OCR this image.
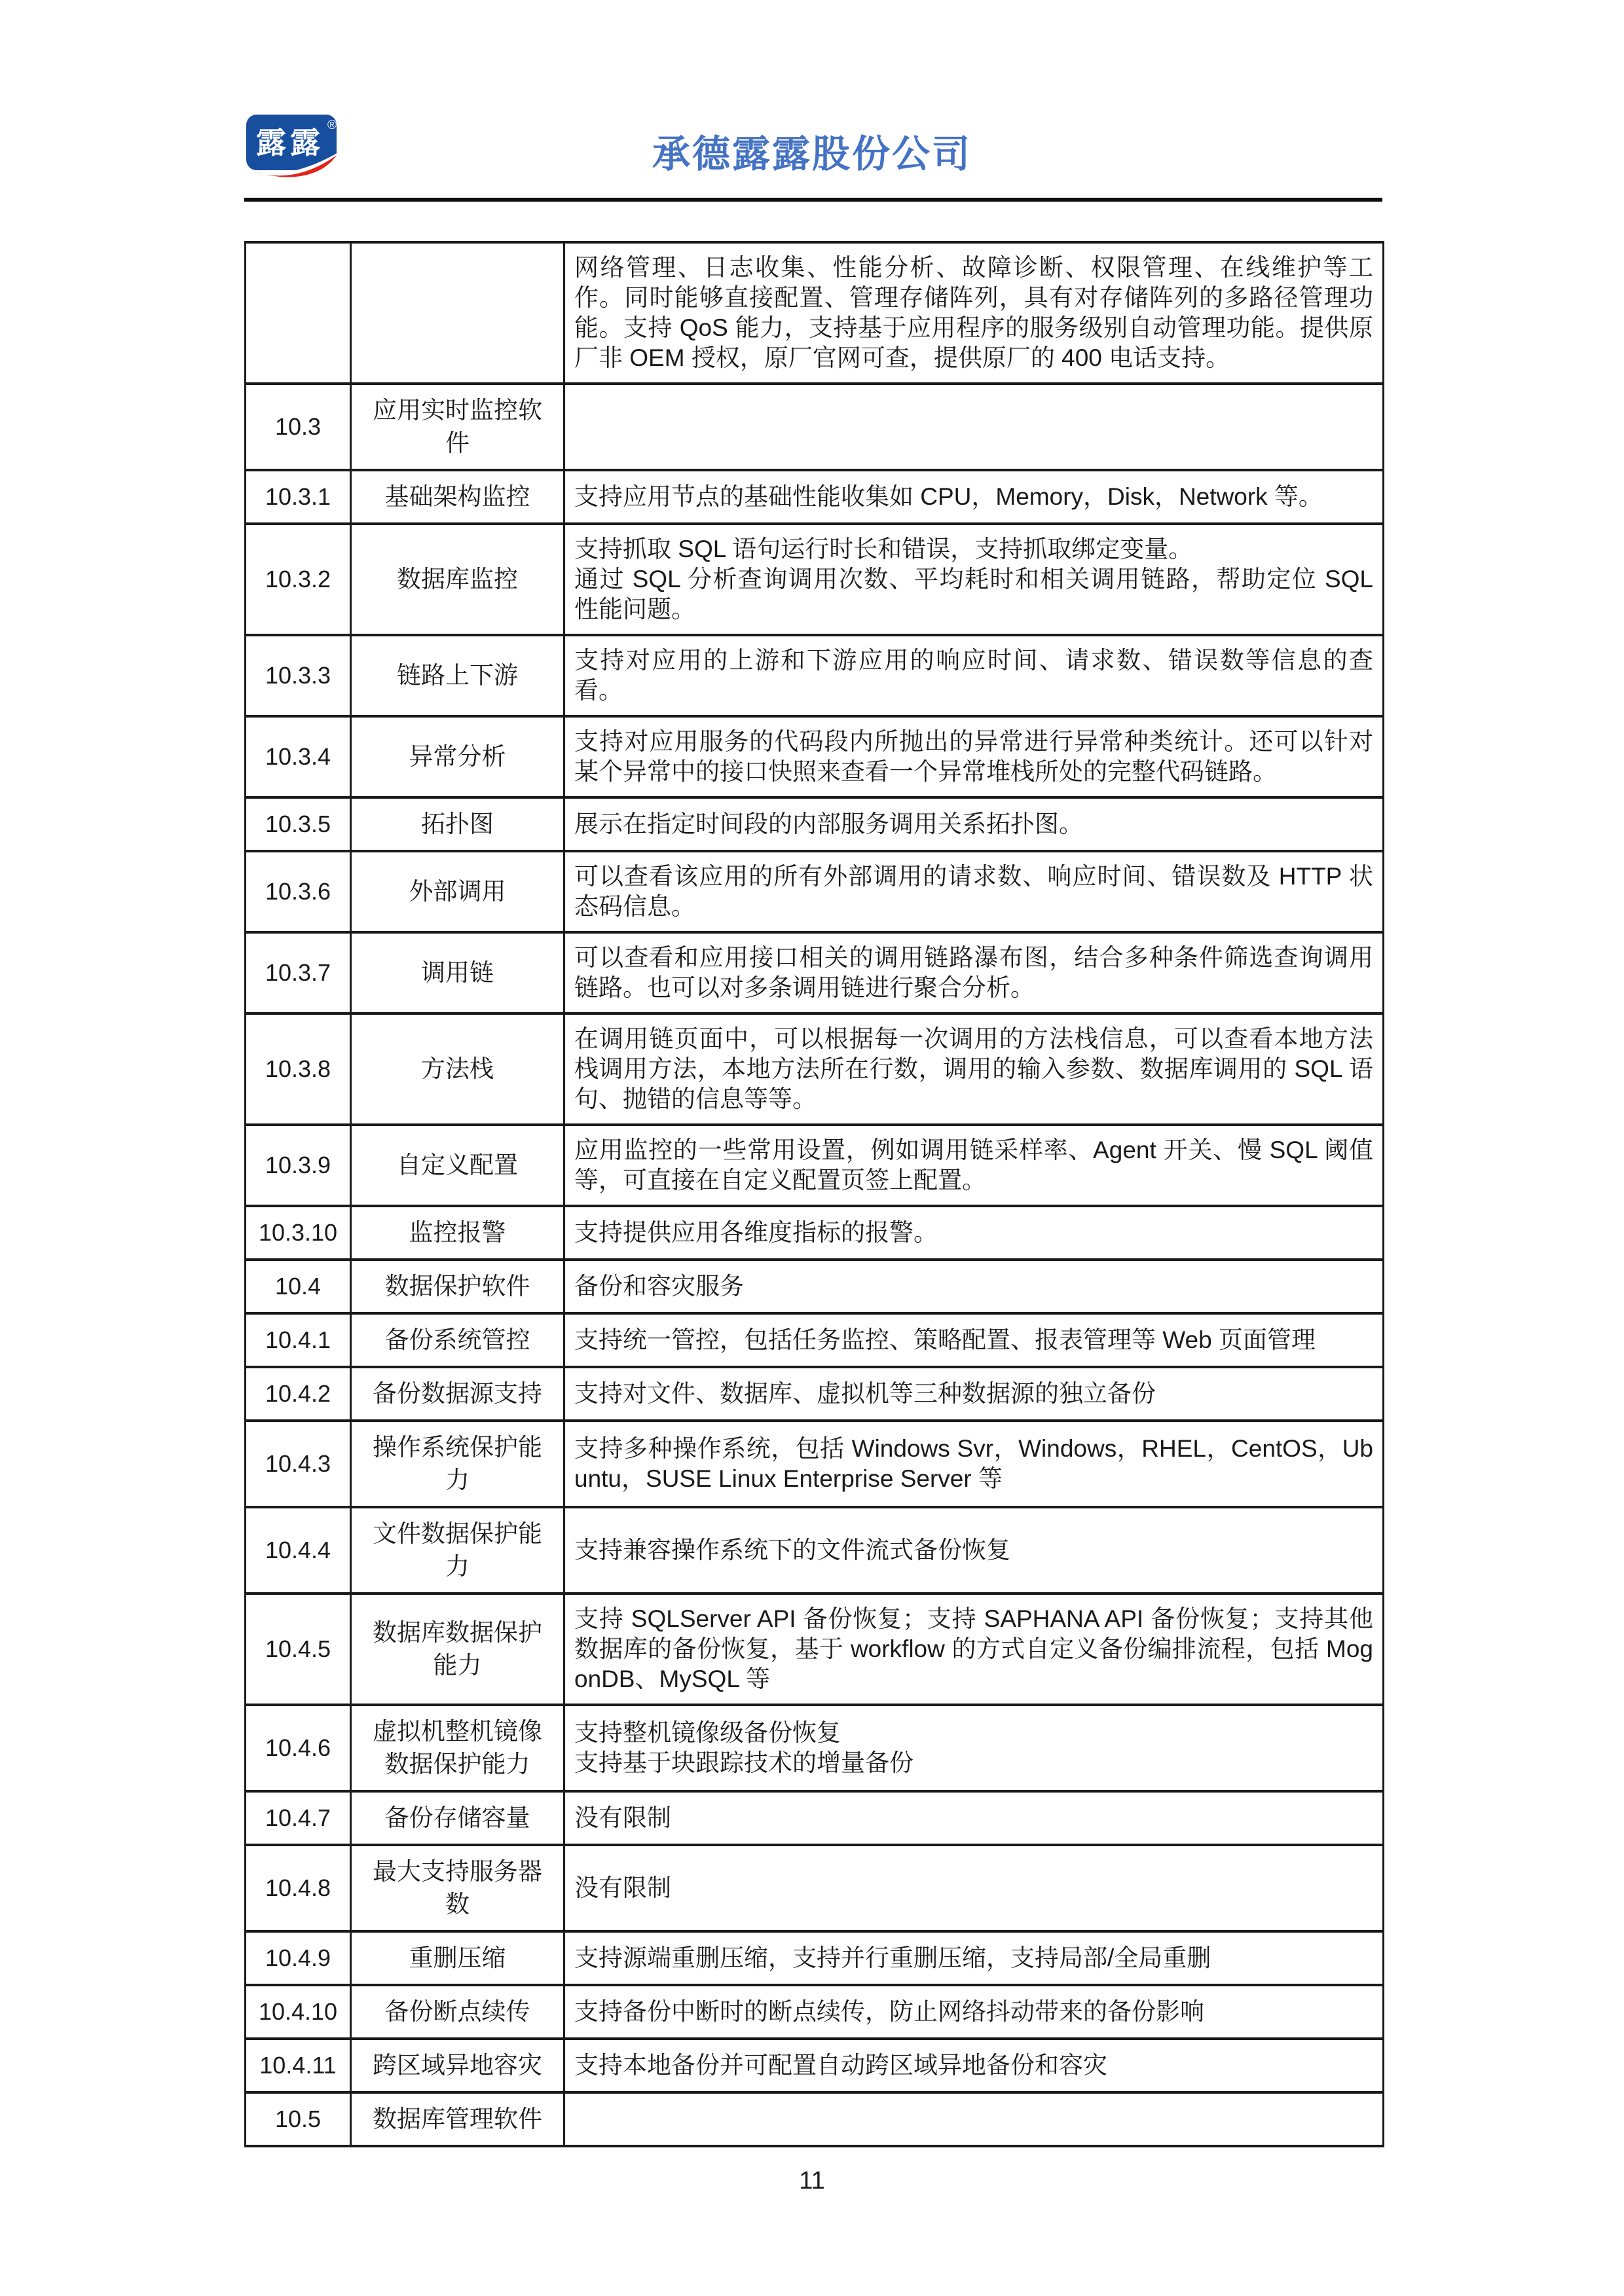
露露
®
承德露露股份公司

		网络管理、日志收集、性能分析、故障诊断、权限管理、在线维护等工作。同时能够直接配置、管理存储阵列，具有对存储阵列的多路径管理功能。支持 QoS 能力，支持基于应用程序的服务级别自动管理功能。提供原厂非 OEM 授权，原厂官网可查，提供原厂的 400 电话支持。

10.3	应用实时监控软件	
10.3.1	基础架构监控	支持应用节点的基础性能收集如 CPU，Memory，Disk，Network 等。

10.3.2	数据库监控	支持抓取 SQL 语句运行时长和错误，支持抓取绑定变量。
通过 SQL 分析查询调用次数、平均耗时和相关调用链路，帮助定位 SQL 性能问题。

10.3.3	链路上下游	支持对应用的上游和下游应用的响应时间、请求数、错误数等信息的查看。

10.3.4	异常分析	支持对应用服务的代码段内所抛出的异常进行异常种类统计。还可以针对某个异常中的接口快照来查看一个异常堆栈所处的完整代码链路。

10.3.5	拓扑图	展示在指定时间段的内部服务调用关系拓扑图。

10.3.6	外部调用	可以查看该应用的所有外部调用的请求数、响应时间、错误数及 HTTP 状态码信息。

10.3.7	调用链	可以查看和应用接口相关的调用链路瀑布图，结合多种条件筛选查询调用链路。也可以对多条调用链进行聚合分析。

10.3.8	方法栈	在调用链页面中，可以根据每一次调用的方法栈信息，可以查看本地方法栈调用方法，本地方法所在行数，调用的输入参数、数据库调用的 SQL 语句、抛错的信息等等。

10.3.9	自定义配置	应用监控的一些常用设置，例如调用链采样率、Agent 开关、慢 SQL 阈值等，可直接在自定义配置页签上配置。

10.3.10	监控报警	支持提供应用各维度指标的报警。

10.4	数据保护软件	备份和容灾服务

10.4.1	备份系统管控	支持统一管控，包括任务监控、策略配置、报表管理等 Web 页面管理

10.4.2	备份数据源支持	支持对文件、数据库、虚拟机等三种数据源的独立备份

10.4.3	操作系统保护能力	支持多种操作系统，包括 Windows Svr，Windows，RHEL，CentOS，Ubuntu，SUSE Linux Enterprise Server 等

10.4.4	文件数据保护能力	支持兼容操作系统下的文件流式备份恢复

10.4.5	数据库数据保护能力	支持 SQLServer API 备份恢复；支持 SAPHANA API 备份恢复；支持其他数据库的备份恢复，基于 workflow 的方式自定义备份编排流程，包括 MogonDB、MySQL 等

10.4.6	虚拟机整机镜像数据保护能力	支持整机镜像级备份恢复
支持基于块跟踪技术的增量备份

10.4.7	备份存储容量	没有限制

10.4.8	最大支持服务器数	没有限制

10.4.9	重删压缩	支持源端重删压缩，支持并行重删压缩，支持局部/全局重删

10.4.10	备份断点续传	支持备份中断时的断点续传，防止网络抖动带来的备份影响

10.4.11	跨区域异地容灾	支持本地备份并可配置自动跨区域异地备份和容灾

10.5	数据库管理软件	
11
